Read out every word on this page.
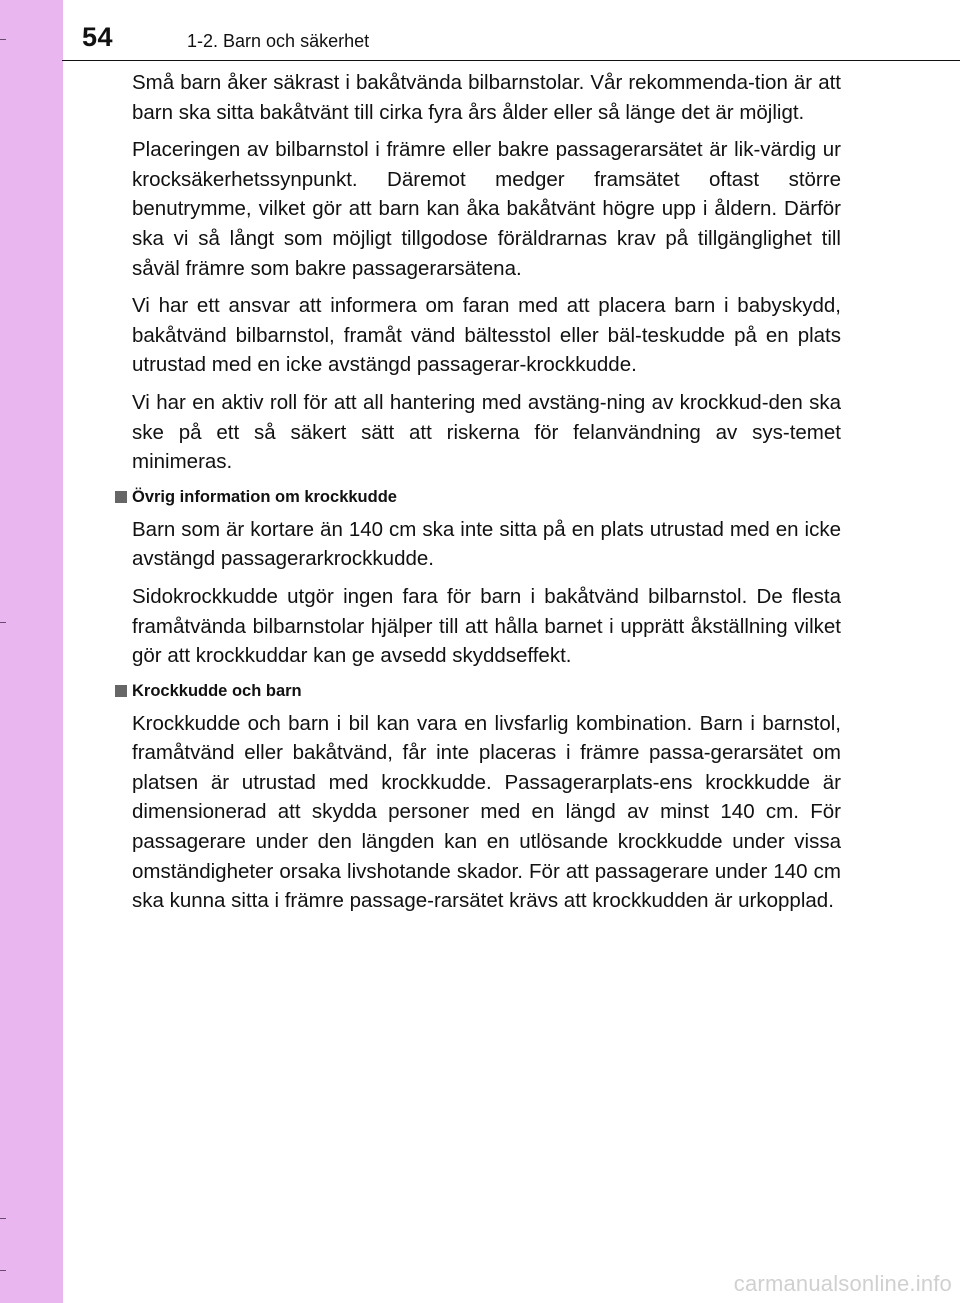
54	1-2. Barn och säkerhet

Små barn åker säkrast i bakåtvända bilbarnstolar. Vår rekommenda-tion är att barn ska sitta bakåtvänt till cirka fyra års ålder eller så länge det är möjligt.

Placeringen av bilbarnstol i främre eller bakre passagerarsätet är lik-värdig ur krocksäkerhetssynpunkt. Däremot medger framsätet oftast större benutrymme, vilket gör att barn kan åka bakåtvänt högre upp i åldern. Därför ska vi så långt som möjligt tillgodose föräldrarnas krav på tillgänglighet till såväl främre som bakre passagerarsätena.

Vi har ett ansvar att informera om faran med att placera barn i babyskydd, bakåtvänd bilbarnstol, framåt vänd bältesstol eller bäl-teskudde på en plats utrustad med en icke avstängd passagerar-krockkudde.

Vi har en aktiv roll för att all hantering med avstäng-ning av krockkud-den ska ske på ett så säkert sätt att riskerna för felanvändning av sys-temet minimeras.

Övrig information om krockkudde

Barn som är kortare än 140 cm ska inte sitta på en plats utrustad med en icke avstängd passagerarkrockkudde.

Sidokrockkudde utgör ingen fara för barn i bakåtvänd bilbarnstol. De flesta framåtvända bilbarnstolar hjälper till att hålla barnet i upprätt åkställning vilket gör att krockkuddar kan ge avsedd skyddseffekt.

Krockkudde och barn

Krockkudde och barn i bil kan vara en livsfarlig kombination. Barn i barnstol, framåtvänd eller bakåtvänd, får inte placeras i främre passa-gerarsätet om platsen är utrustad med krockkudde. Passagerarplats-ens krockkudde är dimensionerad att skydda personer med en längd av minst 140 cm. För passagerare under den längden kan en utlösande krockkudde under vissa omständigheter orsaka livshotande skador. För att passagerare under 140 cm ska kunna sitta i främre passage-rarsätet krävs att krockkudden är urkopplad.

carmanualsonline.info
